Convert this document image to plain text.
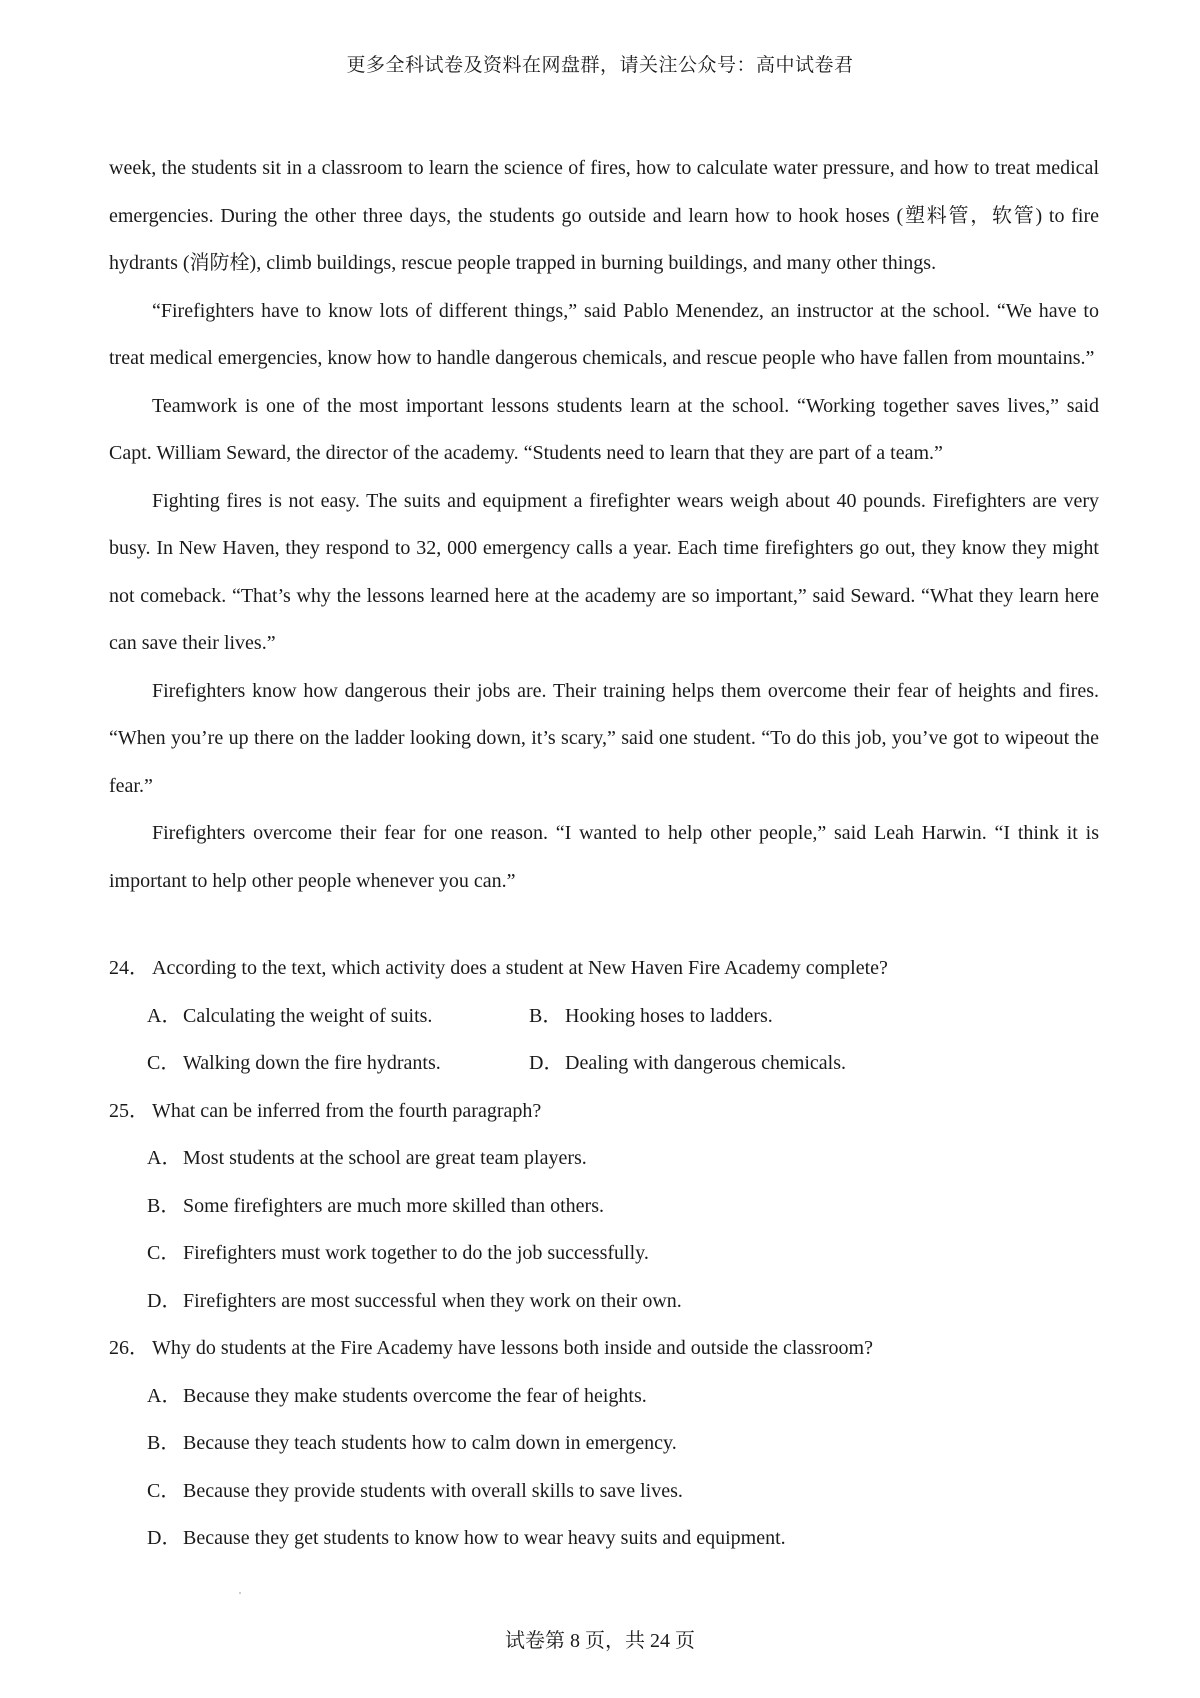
更多全科试卷及资料在网盘群，请关注公众号：高中试卷君

week, the students sit in a classroom to learn the science of fires, how to calculate water pressure, and how to treat medical emergencies. During the other three days, the students go outside and learn how to hook hoses (塑料管，软管) to fire hydrants (消防栓), climb buildings, rescue people trapped in burning buildings, and many other things.

“Firefighters have to know lots of different things,” said Pablo Menendez, an instructor at the school. “We have to treat medical emergencies, know how to handle dangerous chemicals, and rescue people who have fallen from mountains.”

Teamwork is one of the most important lessons students learn at the school. “Working together saves lives,” said Capt. William Seward, the director of the academy. “Students need to learn that they are part of a team.”

Fighting fires is not easy. The suits and equipment a firefighter wears weigh about 40 pounds. Firefighters are very busy. In New Haven, they respond to 32, 000 emergency calls a year. Each time firefighters go out, they know they might not comeback. “That’s why the lessons learned here at the academy are so important,” said Seward. “What they learn here can save their lives.”

Firefighters know how dangerous their jobs are. Their training helps them overcome their fear of heights and fires. “When you’re up there on the ladder looking down, it’s scary,” said one student. “To do this job, you’ve got to wipeout the fear.”

Firefighters overcome their fear for one reason. “I wanted to help other people,” said Leah Harwin. “I think it is important to help other people whenever you can.”

24． According to the text, which activity does a student at New Haven Fire Academy complete?

A．Calculating the weight of suits.	B． Hooking hoses to ladders.
C． Walking down the fire hydrants.	D．Dealing with dangerous chemicals.

25． What can be inferred from the fourth paragraph?

A．Most students at the school are great team players.
B． Some firefighters are much more skilled than others.
C． Firefighters must work together to do the job successfully.
D．Firefighters are most successful when they work on their own.

26． Why do students at the Fire Academy have lessons both inside and outside the classroom?

A．Because they make students overcome the fear of heights.
B． Because they teach students how to calm down in emergency.
C． Because they provide students with overall skills to save lives.
D．Because they get students to know how to wear heavy suits and equipment.
试卷第 8 页，共 24 页
